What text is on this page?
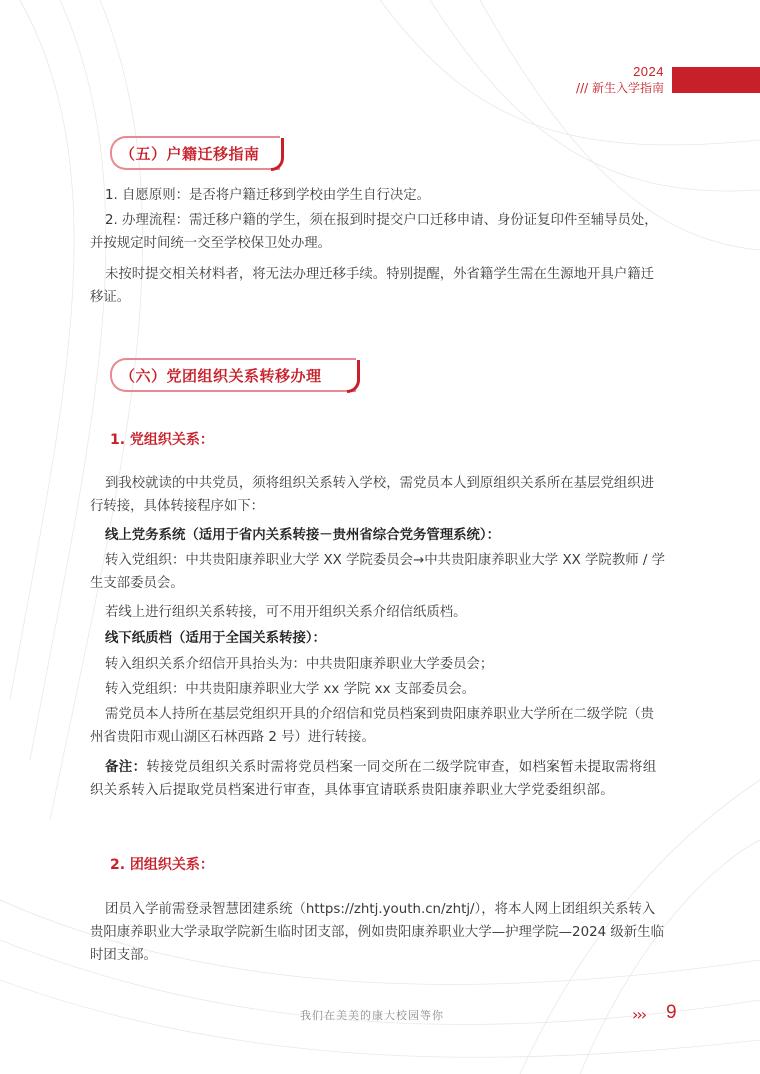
2024
/// 新生入学指南
（五）户籍迁移指南

1. 自愿原则：是否将户籍迁移到学校由学生自行决定。

2. 办理流程：需迁移户籍的学生，须在报到时提交户口迁移申请、身份证复印件至辅导员处，并按规定时间统一交至学校保卫处办理。

未按时提交相关材料者，将无法办理迁移手续。特别提醒，外省籍学生需在生源地开具户籍迁移证。

（六）党团组织关系转移办理
1. 党组织关系：

到我校就读的中共党员，须将组织关系转入学校，需党员本人到原组织关系所在基层党组织进行转接，具体转接程序如下：

线上党务系统（适用于省内关系转接－贵州省综合党务管理系统）：

转入党组织：中共贵阳康养职业大学 XX 学院委员会→中共贵阳康养职业大学 XX 学院教师 / 学生支部委员会。

若线上进行组织关系转接，可不用开组织关系介绍信纸质档。

线下纸质档（适用于全国关系转接）：

转入组织关系介绍信开具抬头为：中共贵阳康养职业大学委员会；

转入党组织：中共贵阳康养职业大学 xx 学院 xx 支部委员会。

需党员本人持所在基层党组织开具的介绍信和党员档案到贵阳康养职业大学所在二级学院（贵州省贵阳市观山湖区石林西路 2 号）进行转接。

备注：转接党员组织关系时需将党员档案一同交所在二级学院审查，如档案暂未提取需将组织关系转入后提取党员档案进行审查，具体事宜请联系贵阳康养职业大学党委组织部。

2. 团组织关系：

团员入学前需登录智慧团建系统（https://zhtj.youth.cn/zhtj/），将本人网上团组织关系转入贵阳康养职业大学录取学院新生临时团支部，例如贵阳康养职业大学—护理学院—2024 级新生临时团支部。

我们在美美的康大校园等你	››› 9
